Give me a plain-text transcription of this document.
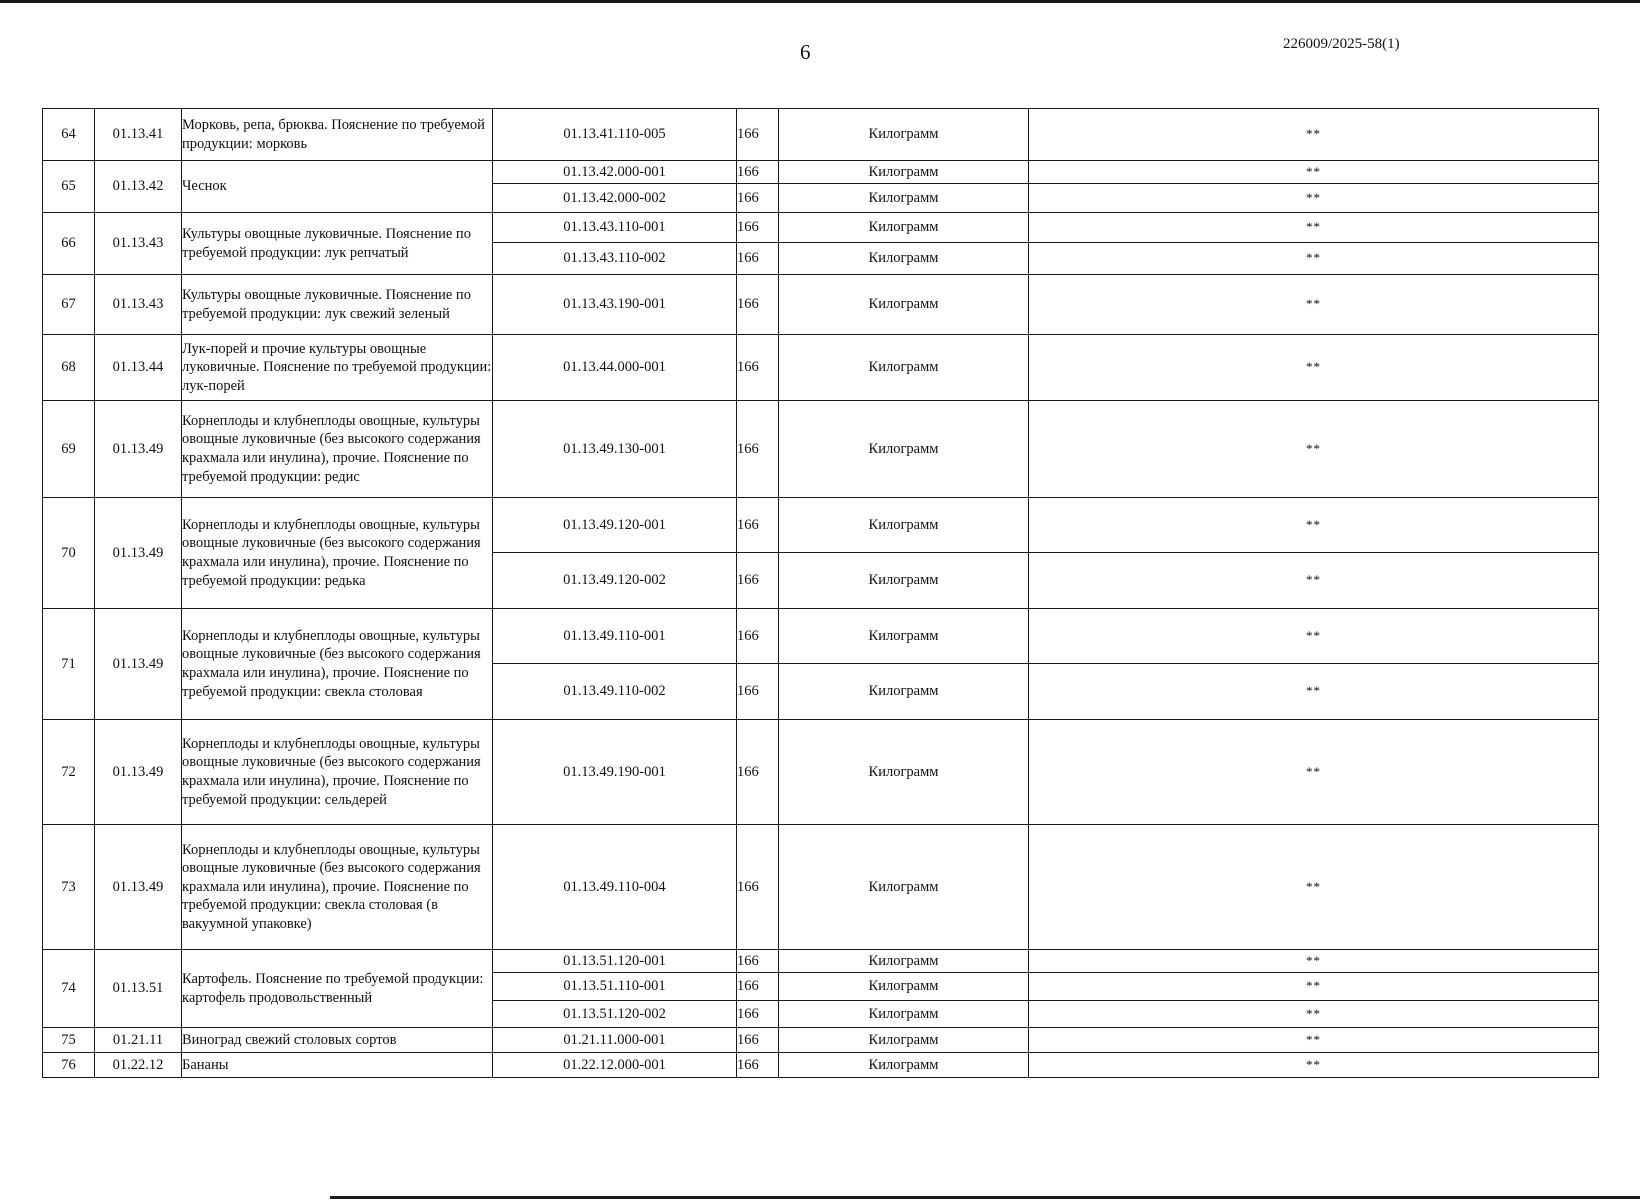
6	226009/2025-58(1)
64	01.13.41	Морковь, репа, брюква. Пояснение по требуемой продукции: морковь	01.13.41.110-005	166	Килограмм	**
65	01.13.42	Чеснок	01.13.42.000-001	166	Килограмм	**
			01.13.42.000-002	166	Килограмм	**
66	01.13.43	Культуры овощные луковичные. Пояснение по требуемой продукции: лук репчатый	01.13.43.110-001	166	Килограмм	**
			01.13.43.110-002	166	Килограмм	**
67	01.13.43	Культуры овощные луковичные. Пояснение по требуемой продукции: лук свежий зеленый	01.13.43.190-001	166	Килограмм	**
68	01.13.44	Лук-порей и прочие культуры овощные луковичные. Пояснение по требуемой продукции: лук-порей	01.13.44.000-001	166	Килограмм	**
69	01.13.49	Корнеплоды и клубнеплоды овощные, культуры овощные луковичные (без высокого содержания крахмала или инулина), прочие. Пояснение по требуемой продукции: редис	01.13.49.130-001	166	Килограмм	**
70	01.13.49	Корнеплоды и клубнеплоды овощные, культуры овощные луковичные (без высокого содержания крахмала или инулина), прочие. Пояснение по требуемой продукции: редька	01.13.49.120-001	166	Килограмм	**
			01.13.49.120-002	166	Килограмм	**
71	01.13.49	Корнеплоды и клубнеплоды овощные, культуры овощные луковичные (без высокого содержания крахмала или инулина), прочие. Пояснение по требуемой продукции: свекла столовая	01.13.49.110-001	166	Килограмм	**
			01.13.49.110-002	166	Килограмм	**
72	01.13.49	Корнеплоды и клубнеплоды овощные, культуры овощные луковичные (без высокого содержания крахмала или инулина), прочие. Пояснение по требуемой продукции: сельдерей	01.13.49.190-001	166	Килограмм	**
73	01.13.49	Корнеплоды и клубнеплоды овощные, культуры овощные луковичные (без высокого содержания крахмала или инулина), прочие. Пояснение по требуемой продукции: свекла столовая (в вакуумной упаковке)	01.13.49.110-004	166	Килограмм	**
74	01.13.51	Картофель. Пояснение по требуемой продукции: картофель продовольственный	01.13.51.120-001	166	Килограмм	**
			01.13.51.110-001	166	Килограмм	**
			01.13.51.120-002	166	Килограмм	**
75	01.21.11	Виноград свежий столовых сортов	01.21.11.000-001	166	Килограмм	**
76	01.22.12	Бананы	01.22.12.000-001	166	Килограмм	**
